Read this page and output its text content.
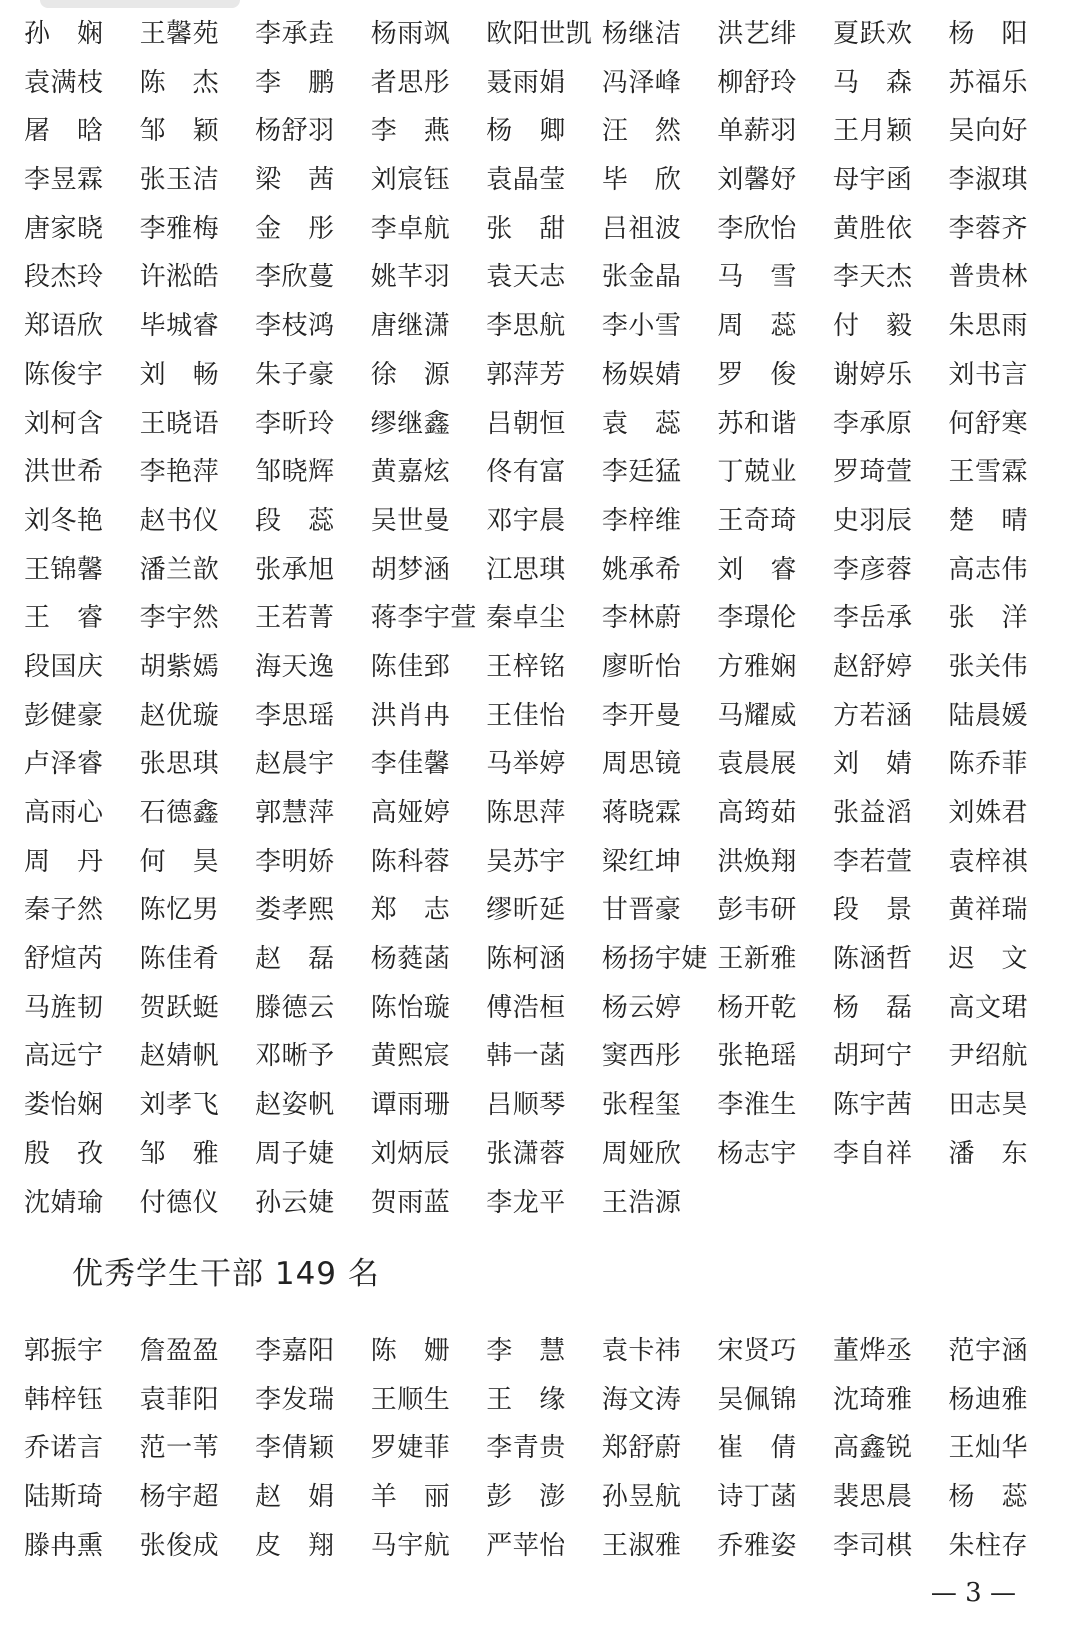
孙　娴	王馨苑	李承垚	杨雨飒	欧阳世凯 杨继洁	洪艺绯	夏跃欢	杨　阳
袁满枝	陈　杰	李　鹏	者思彤	聂雨娟	冯泽峰	柳舒玲	马　森	苏福乐
屠　晗	邹　颖	杨舒羽	李　燕	杨　卿	汪　然	单薪羽	王月颖	吴向好
李昱霖	张玉洁	梁　茜	刘宸钰	袁晶莹	毕　欣	刘馨妤	母宇函	李淑琪
唐家晓	李雅梅	金　彤	李卓航	张　甜	吕祖波	李欣怡	黄胜依	李蓉齐
段杰玲	许淞皓	李欣蔓	姚芊羽	袁天志	张金晶	马　雪	李天杰	普贵林
郑语欣	毕城睿	李枝鸿	唐继潇	李思航	李小雪	周　蕊	付　毅	朱思雨
陈俊宇	刘　畅	朱子豪	徐　源	郭萍芳	杨娱婧	罗　俊	谢婷乐	刘书言
刘柯含	王晓语	李昕玲	缪继鑫	吕朝恒	袁　蕊	苏和谐	李承原	何舒寒
洪世希	李艳萍	邹晓辉	黄嘉炫	佟有富	李廷猛	丁兢业	罗琦萱	王雪霖
刘冬艳	赵书仪	段　蕊	吴世曼	邓宇晨	李梓维	王奇琦	史羽辰	楚　晴
王锦馨	潘兰歆	张承旭	胡梦涵	江思琪	姚承希	刘　睿	李彦蓉	高志伟
王　睿	李宇然	王若菁	蒋李宇萱 秦卓尘	李林蔚	李璟伦	李岳承	张　洋
段国庆	胡紫嫣	海天逸	陈佳郅	王梓铭	廖昕怡	方雅娴	赵舒婷	张关伟
彭健豪	赵优璇	李思瑶	洪肖冉	王佳怡	李开曼	马耀威	方若涵	陆晨媛
卢泽睿	张思琪	赵晨宇	李佳馨	马举婷	周思镜	袁晨展	刘　婧	陈乔菲
高雨心	石德鑫	郭慧萍	高娅婷	陈思萍	蒋晓霖	高筠茹	张益滔	刘姝君
周　丹	何　昊	李明娇	陈科蓉	吴苏宇	梁红坤	洪焕翔	李若萱	袁梓祺
秦子然	陈忆男	娄孝熙	郑　志	缪昕延	甘晋豪	彭韦研	段　景	黄祥瑞
舒煊芮	陈佳肴	赵　磊	杨蕤菡	陈柯涵	杨扬宇婕 王新雅	陈涵哲	迟　文
马旌韧	贺跃蜓	滕德云	陈怡璇	傅浩桓	杨云婷	杨开乾	杨　磊	高文珺
高远宁	赵婧帆	邓晰予	黄熙宸	韩一菡	窦西彤	张艳瑶	胡珂宁	尹绍航
娄怡娴	刘孝飞	赵姿帆	谭雨珊	吕顺琴	张程玺	李淮生	陈宇茜	田志昊
殷　孜	邹　雅	周子婕	刘炳辰	张潇蓉	周娅欣	杨志宇	李自祥	潘　东
沈婧瑜	付德仪	孙云婕	贺雨蓝	李龙平	王浩源
优秀学生干部 149 名
郭振宇	詹盈盈	李嘉阳	陈　姗	李　慧	袁卡祎	宋贤巧	董烨丞	范宇涵
韩梓钰	袁菲阳	李发瑞	王顺生	王　缘	海文涛	吴佩锦	沈琦雅	杨迪雅
乔诺言	范一苇	李倩颖	罗婕菲	李青贵	郑舒蔚	崔　倩	高鑫锐	王灿华
陆斯琦	杨宇超	赵　娟	羊　丽	彭　澎	孙昱航	诗丁菡	裴思晨	杨　蕊
滕冉熏	张俊成	皮　翔	马宇航	严苹怡	王淑雅	乔雅姿	李司棋	朱柱存
— 3 —
